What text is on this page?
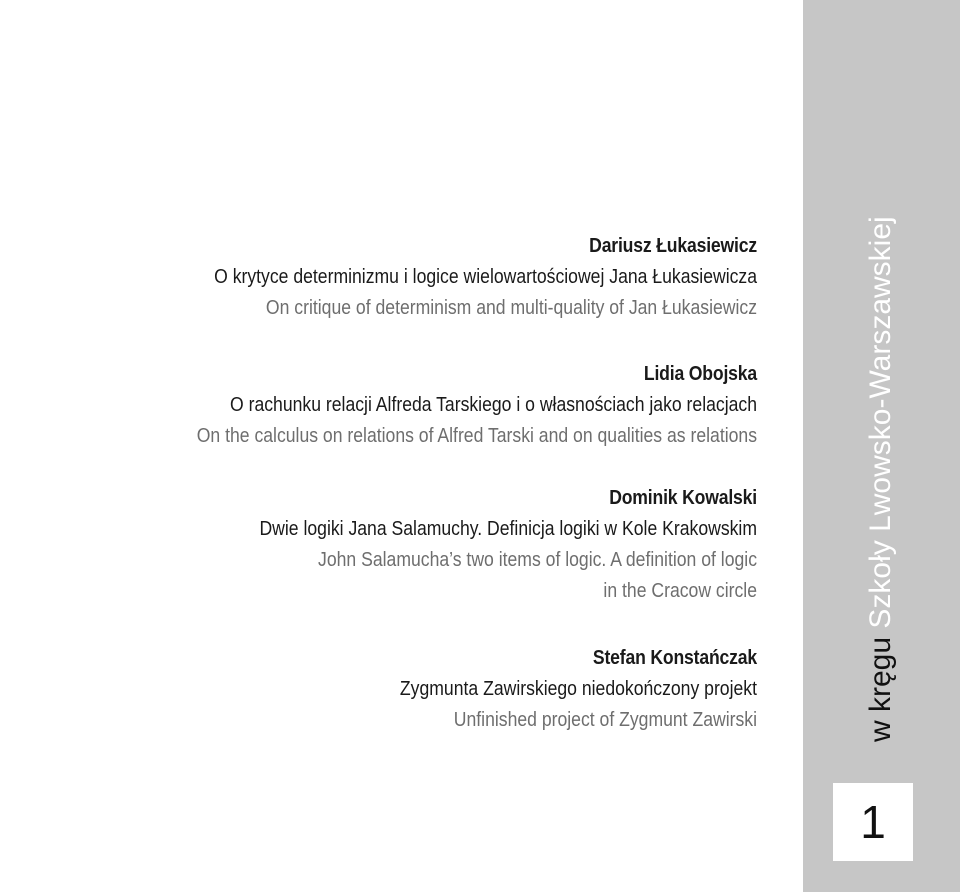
Dariusz Łukasiewicz
O krytyce determinizmu i logice wielowartościowej Jana Łukasiewicza
On critique of determinism and multi-quality of Jan Łukasiewicz
Lidia Obojska
O rachunku relacji Alfreda Tarskiego i o własnościach jako relacjach
On the calculus on relations of Alfred Tarski and on qualities as relations
Dominik Kowalski
Dwie logiki Jana Salamuchy. Definicja logiki w Kole Krakowskim
John Salamucha’s two items of logic. A definition of logic
in the Cracow circle
Stefan Konstańczak
Zygmunta Zawirskiego niedokończony projekt
Unfinished project of Zygmunt Zawirski	w kręgu Szkoły Lwowsko-Warszawskiej
1
